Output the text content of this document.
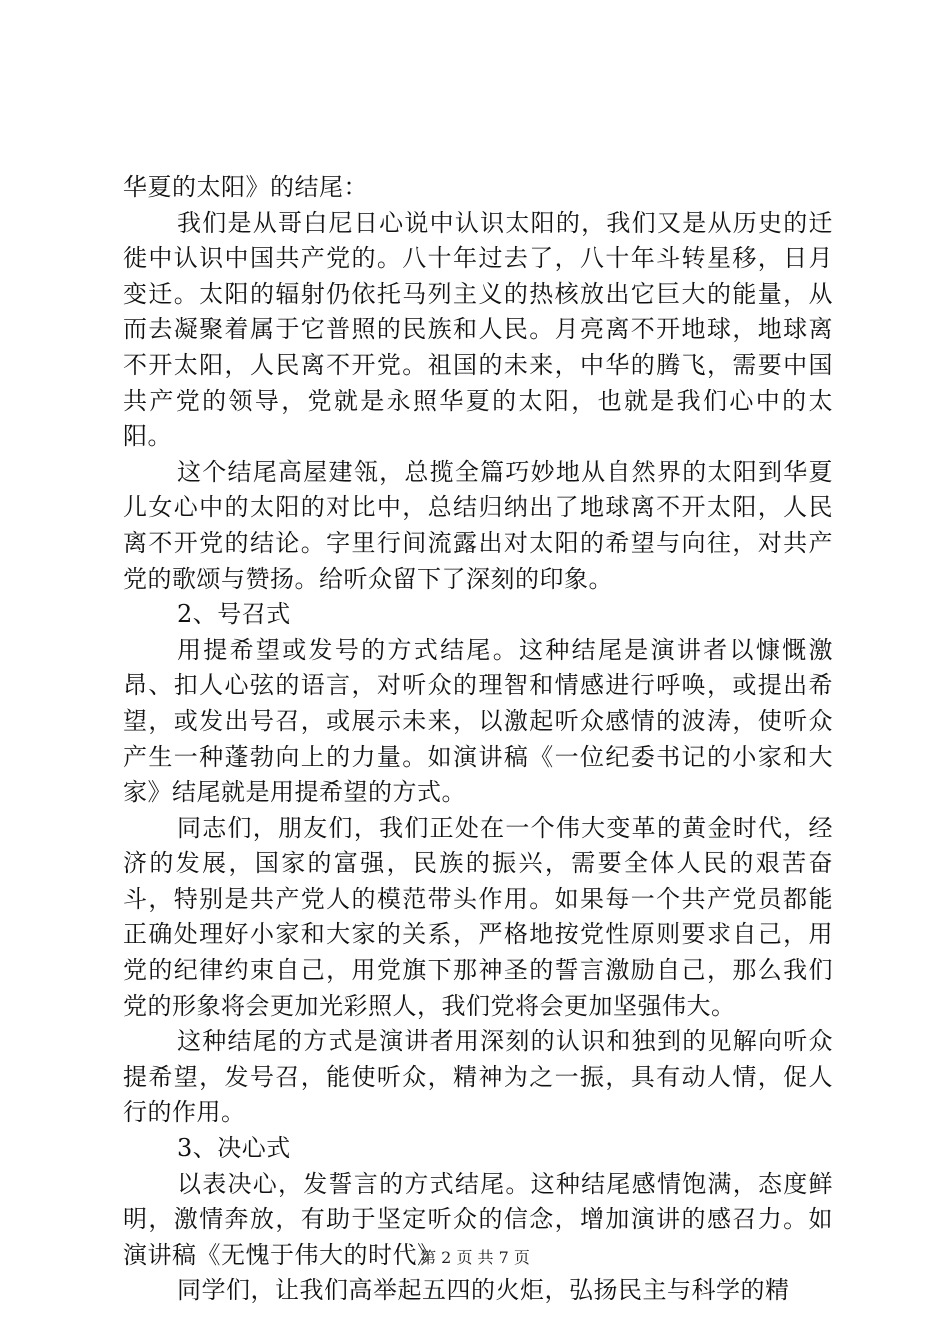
华夏的太阳》的结尾：

我们是从哥白尼日心说中认识太阳的，我们又是从历史的迁徙中认识中国共产党的。八十年过去了，八十年斗转星移，日月变迁。太阳的辐射仍依托马列主义的热核放出它巨大的能量，从而去凝聚着属于它普照的民族和人民。月亮离不开地球，地球离不开太阳，人民离不开党。祖国的未来，中华的腾飞，需要中国共产党的领导，党就是永照华夏的太阳，也就是我们心中的太阳。

这个结尾高屋建瓴，总揽全篇巧妙地从自然界的太阳到华夏儿女心中的太阳的对比中，总结归纳出了地球离不开太阳，人民离不开党的结论。字里行间流露出对太阳的希望与向往，对共产党的歌颂与赞扬。给听众留下了深刻的印象。

2、号召式

用提希望或发号的方式结尾。这种结尾是演讲者以慷慨激昂、扣人心弦的语言，对听众的理智和情感进行呼唤，或提出希望，或发出号召，或展示未来，以激起听众感情的波涛，使听众产生一种蓬勃向上的力量。如演讲稿《一位纪委书记的小家和大家》结尾就是用提希望的方式。

同志们，朋友们，我们正处在一个伟大变革的黄金时代，经济的发展，国家的富强，民族的振兴，需要全体人民的艰苦奋斗，特别是共产党人的模范带头作用。如果每一个共产党员都能正确处理好小家和大家的关系，严格地按党性原则要求自己，用党的纪律约束自己，用党旗下那神圣的誓言激励自己，那么我们党的形象将会更加光彩照人，我们党将会更加坚强伟大。

这种结尾的方式是演讲者用深刻的认识和独到的见解向听众提希望，发号召，能使听众，精神为之一振，具有动人情，促人行的作用。

3、决心式

以表决心，发誓言的方式结尾。这种结尾感情饱满，态度鲜明，激情奔放，有助于坚定听众的信念，增加演讲的感召力。如演讲稿《无愧于伟大的时代》

同学们，让我们高举起五四的火炬，弘扬民主与科学的精

第 2 页 共 7 页
